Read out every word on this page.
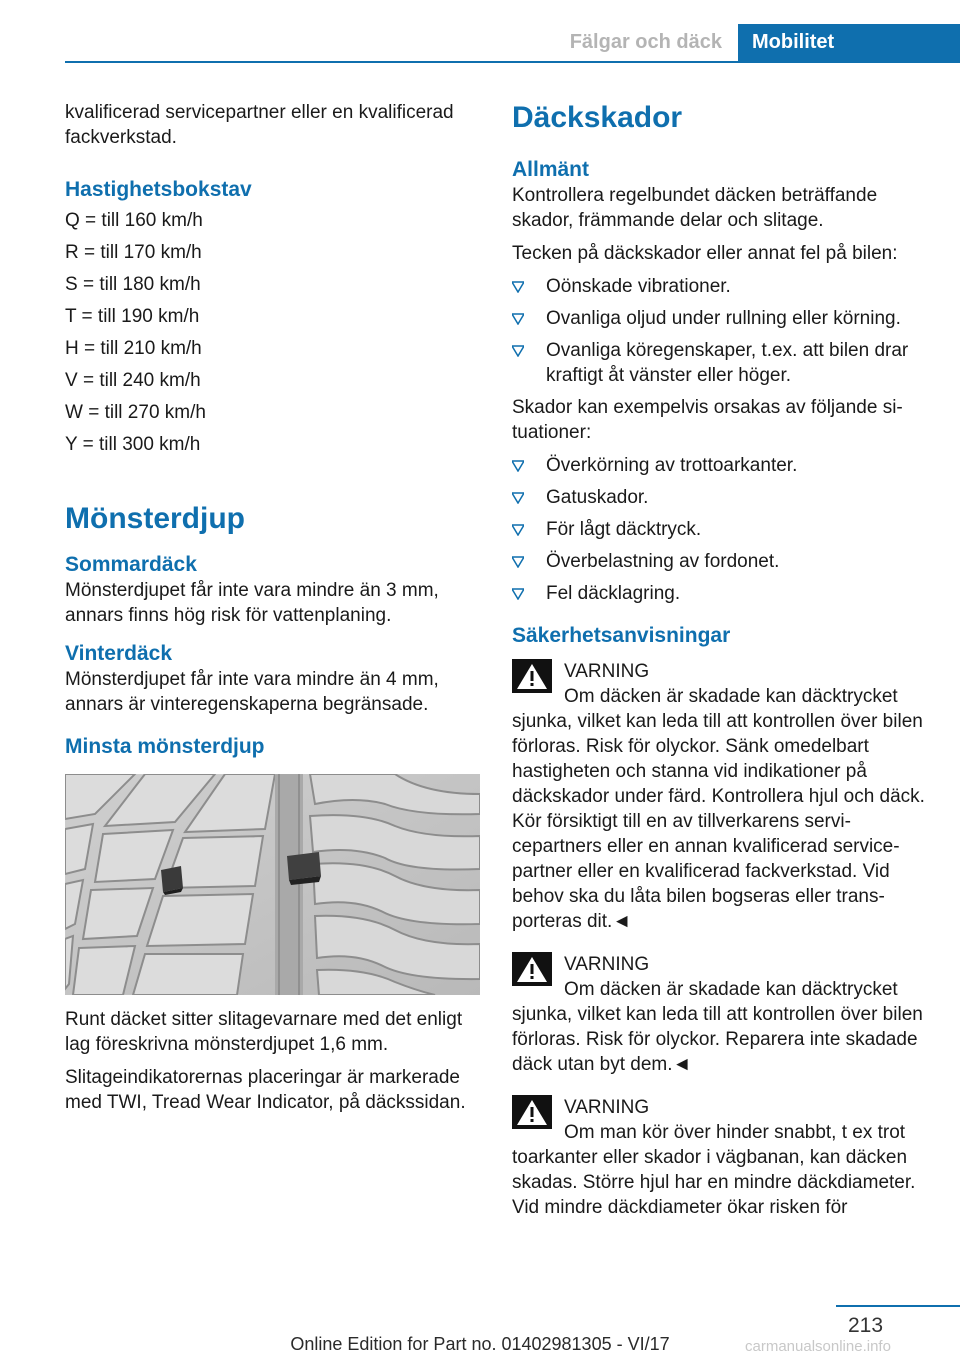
Fälgar och däck	Mobilitet

kvalificerad servicepartner eller en kvalificerad fackverkstad.

Hastighetsbokstav
Q = till 160 km/h
R = till 170 km/h
S = till 180 km/h
T = till 190 km/h
H = till 210 km/h
V = till 240 km/h
W = till 270 km/h
Y = till 300 km/h
Mönsterdjup
Sommardäck

Mönsterdjupet får inte vara mindre än 3 mm, annars finns hög risk för vattenplaning.

Vinterdäck

Mönsterdjupet får inte vara mindre än 4 mm, annars är vinteregenskaperna begränsade.

Minsta mönsterdjup

Runt däcket sitter slitagevarnare med det enligt lag föreskrivna mönsterdjupet 1,6 mm.

Slitageindikatorernas placeringar är markerade med TWI, Tread Wear Indicator, på däckssidan.

Däckskador
Allmänt

Kontrollera regelbundet däcken beträffande skador, främmande delar och slitage.

Tecken på däckskador eller annat fel på bilen:

Oönskade vibrationer.
Ovanliga oljud under rullning eller körning.
Ovanliga köregenskaper, t.ex. att bilen drar kraftigt åt vänster eller höger.

Skador kan exempelvis orsakas av följande situationer:

Överkörning av trottoarkanter.
Gatuskador.
För lågt däcktryck.
Överbelastning av fordonet.
Fel däcklagring.
Säkerhetsanvisningar

VARNING

Om däcken är skadade kan däcktrycket

sjunka, vilket kan leda till att kontrollen över bilen förloras. Risk för olyckor. Sänk omedelbart hastigheten och stanna vid indikationer på däckskador under färd. Kontrollera hjul och däck. Kör försiktigt till en av tillverkarens servicepartners eller en annan kvalificerad servicepartner eller en kvalificerad fackverkstad. Vid behov ska du låta bilen bogseras eller transporteras dit.◄

VARNING

Om däcken är skadade kan däcktrycket

sjunka, vilket kan leda till att kontrollen över bilen förloras. Risk för olyckor. Reparera inte skadade däck utan byt dem.◄

VARNING

Om man kör över hinder snabbt, t ex trot

toarkanter eller skador i vägbanan, kan däcken skadas. Större hjul har en mindre däckdiameter. Vid mindre däckdiameter ökar risken för

213
carmanualsonline.info
Online Edition for Part no. 01402981305 - VI/17
